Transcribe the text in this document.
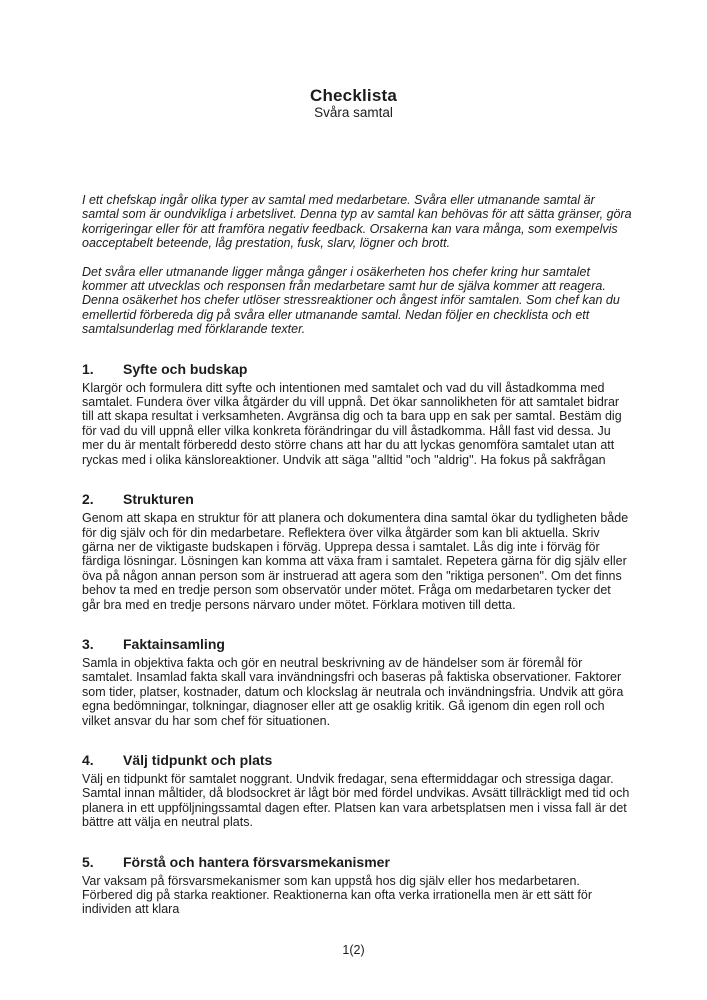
Checklista
Svåra samtal

I ett chefskap ingår olika typer av samtal med medarbetare. Svåra eller utmanande samtal är samtal som är oundvikliga i arbetslivet. Denna typ av samtal kan behövas för att sätta gränser, göra korrigeringar eller för att framföra negativ feedback. Orsakerna kan vara många, som exempelvis oacceptabelt beteende, låg prestation, fusk, slarv, lögner och brott.

Det svåra eller utmanande ligger många gånger i osäkerheten hos chefer kring hur samtalet kommer att utvecklas och responsen från medarbetare samt hur de själva kommer att reagera. Denna osäkerhet hos chefer utlöser stressreaktioner och ångest inför samtalen. Som chef kan du emellertid förbereda dig på svåra eller utmanande samtal. Nedan följer en checklista och ett samtalsunderlag med förklarande texter.

1. Syfte och budskap

Klargör och formulera ditt syfte och intentionen med samtalet och vad du vill åstadkomma med samtalet. Fundera över vilka åtgärder du vill uppnå. Det ökar sannolikheten för att samtalet bidrar till att skapa resultat i verksamheten. Avgränsa dig och ta bara upp en sak per samtal. Bestäm dig för vad du vill uppnå eller vilka konkreta förändringar du vill åstadkomma. Håll fast vid dessa. Ju mer du är mentalt förberedd desto större chans att har du att lyckas genomföra samtalet utan att ryckas med i olika känsloreaktioner. Undvik att säga "alltid "och "aldrig". Ha fokus på sakfrågan

2. Strukturen

Genom att skapa en struktur för att planera och dokumentera dina samtal ökar du tydligheten både för dig själv och för din medarbetare. Reflektera över vilka åtgärder som kan bli aktuella. Skriv gärna ner de viktigaste budskapen i förväg. Upprepa dessa i samtalet. Lås dig inte i förväg för färdiga lösningar. Lösningen kan komma att växa fram i samtalet. Repetera gärna för dig själv eller öva på någon annan person som är instruerad att agera som den "riktiga personen". Om det finns behov ta med en tredje person som observatör under mötet. Fråga om medarbetaren tycker det går bra med en tredje persons närvaro under mötet. Förklara motiven till detta.

3. Faktainsamling

Samla in objektiva fakta och gör en neutral beskrivning av de händelser som är föremål för samtalet. Insamlad fakta skall vara invändningsfri och baseras på faktiska observationer. Faktorer som tider, platser, kostnader, datum och klockslag är neutrala och invändningsfria. Undvik att göra egna bedömningar, tolkningar, diagnoser eller att ge osaklig kritik. Gå igenom din egen roll och vilket ansvar du har som chef för situationen.

4. Välj tidpunkt och plats

Välj en tidpunkt för samtalet noggrant. Undvik fredagar, sena eftermiddagar och stressiga dagar. Samtal innan måltider, då blodsockret är lågt bör med fördel undvikas. Avsätt tillräckligt med tid och planera in ett uppföljningssamtal dagen efter. Platsen kan vara arbetsplatsen men i vissa fall är det bättre att välja en neutral plats.

5. Förstå och hantera försvarsmekanismer

Var vaksam på försvarsmekanismer som kan uppstå hos dig själv eller hos medarbetaren. Förbered dig på starka reaktioner. Reaktionerna kan ofta verka irrationella men är ett sätt för individen att klara

1(2)
